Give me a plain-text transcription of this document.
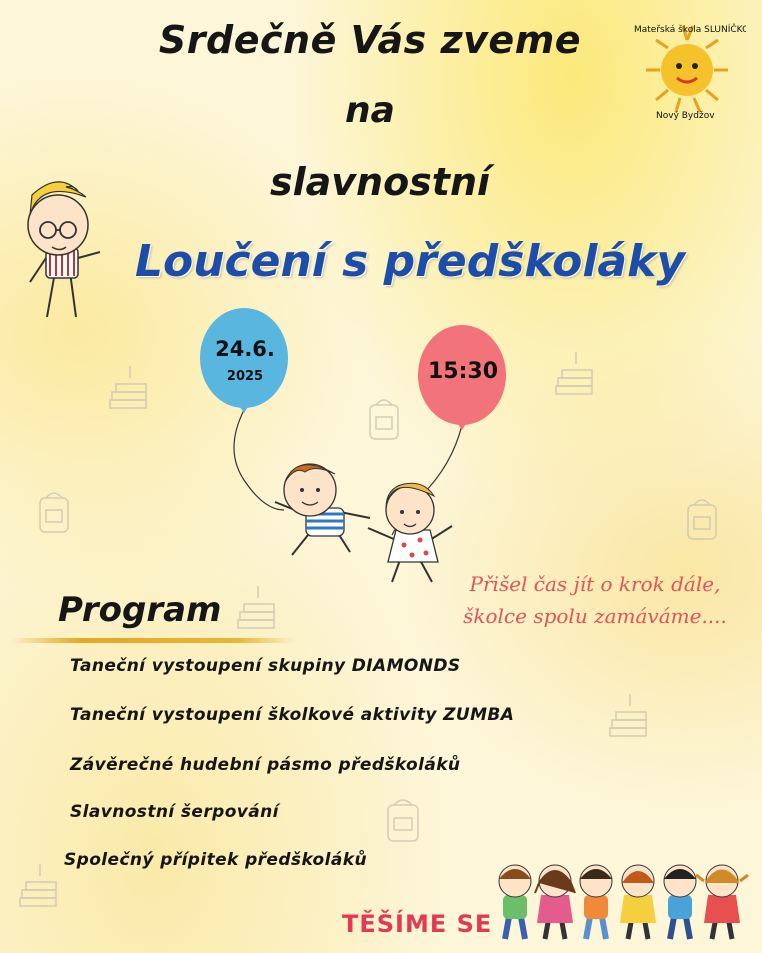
Mateřská škola SLUNÍČKO
Nový Bydžov
Srdečně Vás zveme
na
slavnostní
Loučení s předškoláky
24.6.
2025	15:30
Přišel čas jít o krok dále,
školce spolu zamáváme....
Program
Taneční vystoupení skupiny DIAMONDS
Taneční vystoupení školkové aktivity ZUMBA
Závěrečné hudební pásmo předškoláků
Slavnostní šerpování
Společný přípitek předškoláků
TĚŠÍME SE
